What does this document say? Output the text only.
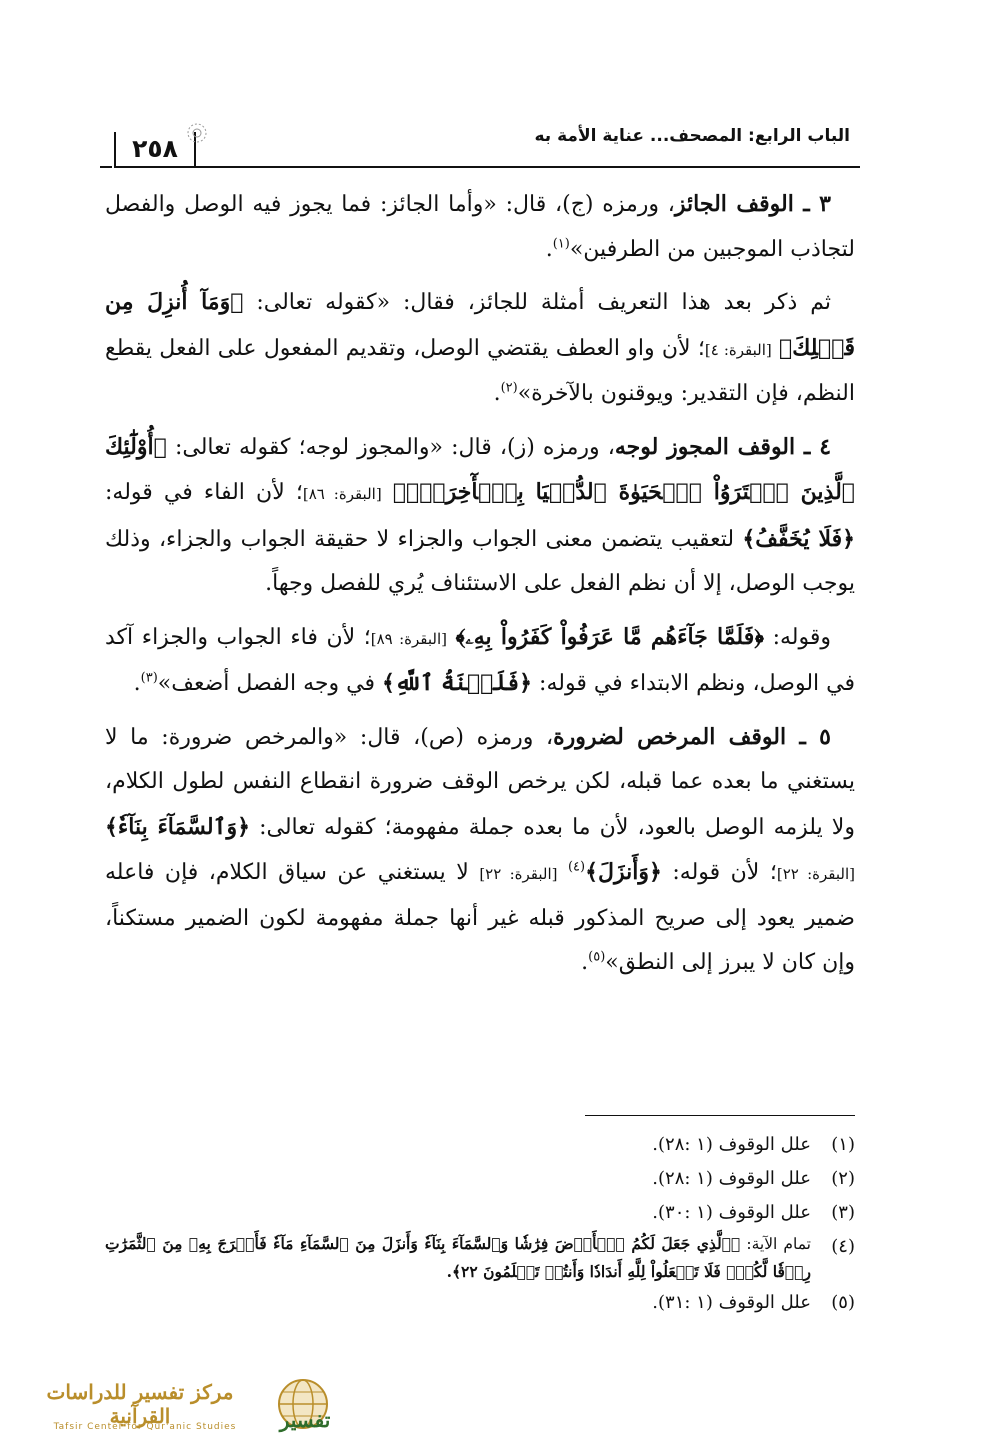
٢٥٨	الباب الرابع: المصحف... عناية الأمة به

٣ ـ الوقف الجائز، ورمزه (ج)، قال: «وأما الجائز: فما يجوز فيه الوصل والفصل لتجاذب الموجبين من الطرفين»$^{(١)}$.

ثم ذكر بعد هذا التعريف أمثلة للجائز، فقال: «كقوله تعالى: ﴿وَمَآ أُنزِلَ مِن قَبۡلِكَ﴾ [البقرة: ٤]؛ لأن واو العطف يقتضي الوصل، وتقديم المفعول على الفعل يقطع النظم، فإن التقدير: ويوقنون بالآخرة»$^{(٢)}$.

٤ ـ الوقف المجوز لوجه، ورمزه (ز)، قال: «والمجوز لوجه؛ كقوله تعالى: ﴿أُوْلَٰٓئِكَ ٱلَّذِينَ ٱشۡتَرَوُاْ ٱلۡحَيَوٰةَ ٱلدُّنۡيَا بِٱلۡأٓخِرَةِۖ﴾ [البقرة: ٨٦]؛ لأن الفاء في قوله: ﴿فَلَا يُخَفَّفُ﴾ لتعقيب يتضمن معنى الجواب والجزاء لا حقيقة الجواب والجزاء، وذلك يوجب الوصل، إلا أن نظم الفعل على الاستئناف يُري للفصل وجهاً.

وقوله: ﴿فَلَمَّا جَآءَهُم مَّا عَرَفُواْ كَفَرُواْ بِهِۦ﴾ [البقرة: ٨٩]؛ لأن فاء الجواب والجزاء آكد في الوصل، ونظم الابتداء في قوله: ﴿فَلَعۡنَةُ ٱللَّهِ﴾ في وجه الفصل أضعف»$^{(٣)}$.

٥ ـ الوقف المرخص لضرورة، ورمزه (ص)، قال: «والمرخص ضرورة: ما لا يستغني ما بعده عما قبله، لكن يرخص الوقف ضرورة انقطاع النفس لطول الكلام، ولا يلزمه الوصل بالعود، لأن ما بعده جملة مفهومة؛ كقوله تعالى: ﴿وَٱلسَّمَآءَ بِنَآءٗ﴾ [البقرة: ٢٢]؛ لأن قوله: ﴿وَأَنزَلَ﴾$^{(٤)}$ [البقرة: ٢٢] لا يستغني عن سياق الكلام، فإن فاعله ضمير يعود إلى صريح المذكور قبله غير أنها جملة مفهومة لكون الضمير مستكناً، وإن كان لا يبرز إلى النطق»$^{(٥)}$.

(١)
علل الوقوف (١ :٢٨).
(٢)
علل الوقوف (١ :٢٨).
(٣)
علل الوقوف (١ :٣٠).
(٤)
تمام الآية: ﴿ٱلَّذِي جَعَلَ لَكُمُ ٱلۡأَرۡضَ فِرَٰشٗا وَٱلسَّمَآءَ بِنَآءٗ وَأَنزَلَ مِنَ ٱلسَّمَآءِ مَآءٗ فَأَخۡرَجَ بِهِۦ مِنَ ٱلثَّمَرَٰتِ رِزۡقٗا لَّكُمۡۖ فَلَا تَجۡعَلُواْ لِلَّهِ أَندَادٗا وَأَنتُمۡ تَعۡلَمُونَ ٢٢﴾.
(٥)
علل الوقوف (١ :٣١).
مركز تفسير للدراسات القرآنية
Tafsir Center for Qur'anic Studies	تفسير
